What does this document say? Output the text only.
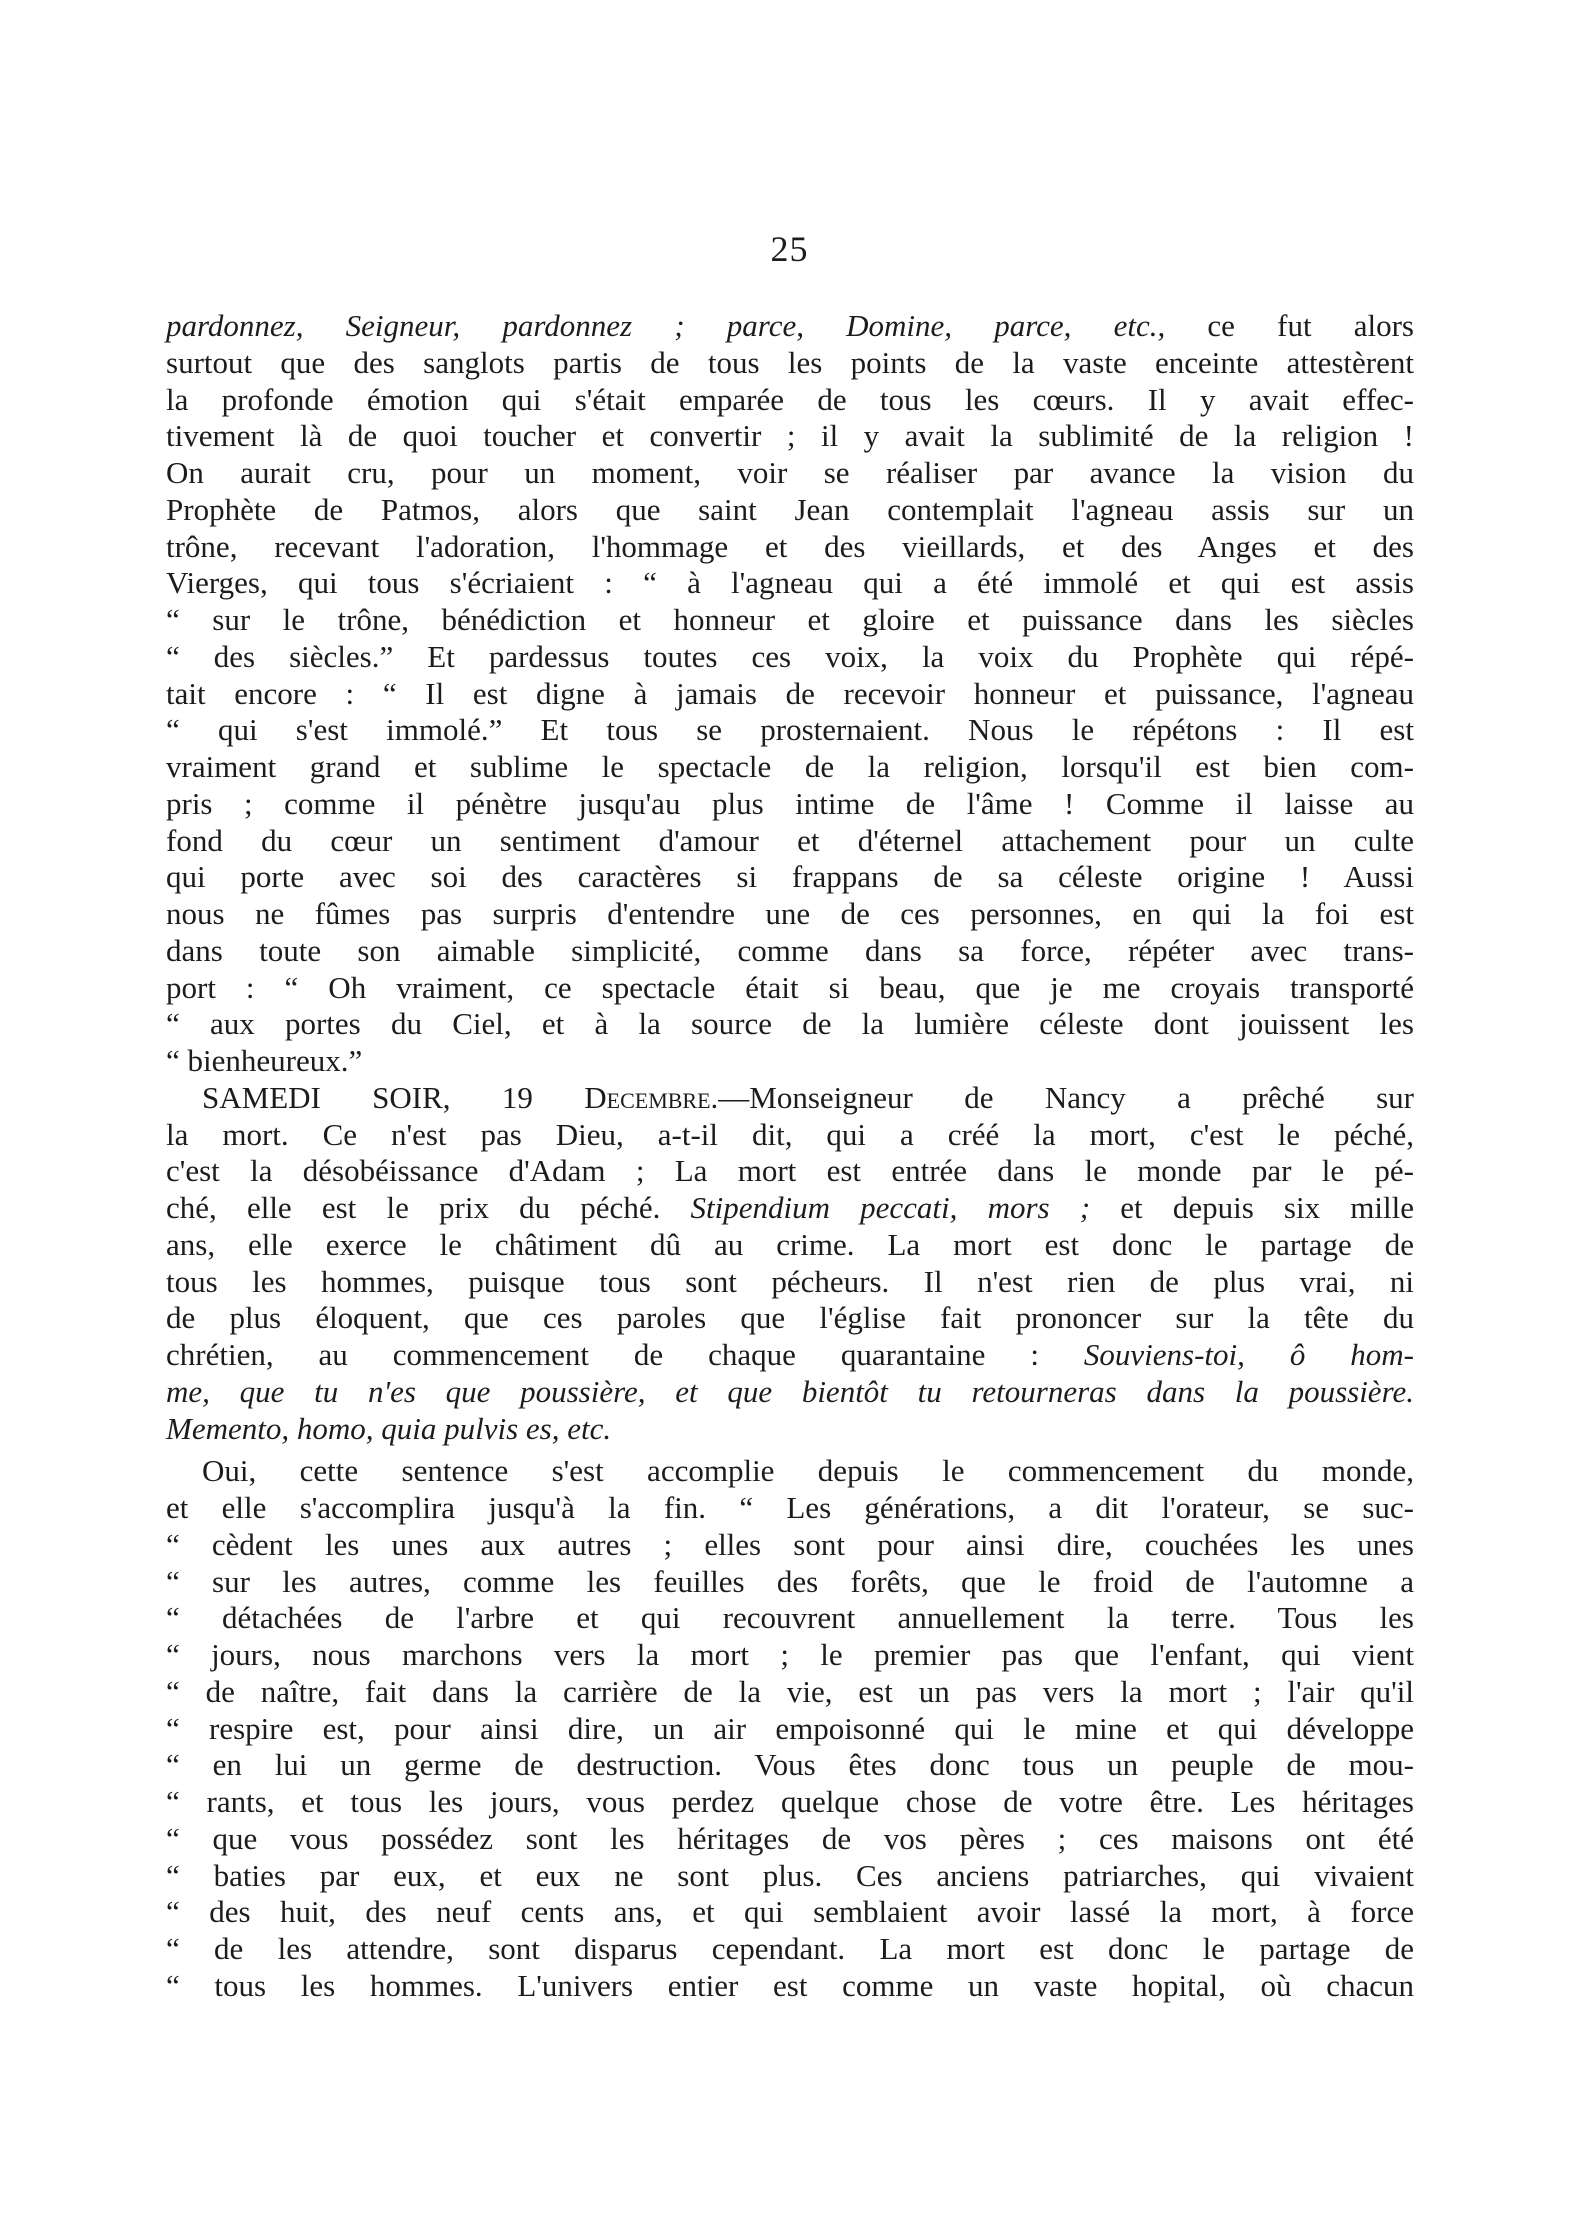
25
pardonnez, Seigneur, pardonnez ; parce, Domine, parce, etc., ce fut alors
surtout que des sanglots partis de tous les points de la vaste enceinte attestèrent
la profonde émotion qui s'était emparée de tous les cœurs. Il y avait effec-
tivement là de quoi toucher et convertir ; il y avait la sublimité de la religion !
On aurait cru, pour un moment, voir se réaliser par avance la vision du
Prophète de Patmos, alors que saint Jean contemplait l'agneau assis sur un
trône, recevant l'adoration, l'hommage et des vieillards, et des Anges et des
Vierges, qui tous s'écriaient : “ à l'agneau qui a été immolé et qui est assis
“ sur le trône, bénédiction et honneur et gloire et puissance dans les siècles
“ des siècles.” Et pardessus toutes ces voix, la voix du Prophète qui répé-
tait encore : “ Il est digne à jamais de recevoir honneur et puissance, l'agneau
“ qui s'est immolé.” Et tous se prosternaient. Nous le répétons : Il est
vraiment grand et sublime le spectacle de la religion, lorsqu'il est bien com-
pris ; comme il pénètre jusqu'au plus intime de l'âme ! Comme il laisse au
fond du cœur un sentiment d'amour et d'éternel attachement pour un culte
qui porte avec soi des caractères si frappans de sa céleste origine ! Aussi
nous ne fûmes pas surpris d'entendre une de ces personnes, en qui la foi est
dans toute son aimable simplicité, comme dans sa force, répéter avec trans-
port : “ Oh vraiment, ce spectacle était si beau, que je me croyais transporté
“ aux portes du Ciel, et à la source de la lumière céleste dont jouissent les
“ bienheureux.”
SAMEDI SOIR, 19 Decembre.—Monseigneur de Nancy a prêché sur
la mort. Ce n'est pas Dieu, a-t-il dit, qui a créé la mort, c'est le péché,
c'est la désobéissance d'Adam ; La mort est entrée dans le monde par le pé-
ché, elle est le prix du péché. Stipendium peccati, mors ; et depuis six mille
ans, elle exerce le châtiment dû au crime. La mort est donc le partage de
tous les hommes, puisque tous sont pécheurs. Il n'est rien de plus vrai, ni
de plus éloquent, que ces paroles que l'église fait prononcer sur la tête du
chrétien, au commencement de chaque quarantaine : Souviens-toi, ô hom-
me, que tu n'es que poussière, et que bientôt tu retourneras dans la poussière.
Memento, homo, quia pulvis es, etc.
Oui, cette sentence s'est accomplie depuis le commencement du monde,
et elle s'accomplira jusqu'à la fin. “ Les générations, a dit l'orateur, se suc-
“ cèdent les unes aux autres ; elles sont pour ainsi dire, couchées les unes
“ sur les autres, comme les feuilles des forêts, que le froid de l'automne a
“ détachées de l'arbre et qui recouvrent annuellement la terre. Tous les
“ jours, nous marchons vers la mort ; le premier pas que l'enfant, qui vient
“ de naître, fait dans la carrière de la vie, est un pas vers la mort ; l'air qu'il
“ respire est, pour ainsi dire, un air empoisonné qui le mine et qui développe
“ en lui un germe de destruction. Vous êtes donc tous un peuple de mou-
“ rants, et tous les jours, vous perdez quelque chose de votre être. Les héritages
“ que vous possédez sont les héritages de vos pères ; ces maisons ont été
“ baties par eux, et eux ne sont plus. Ces anciens patriarches, qui vivaient
“ des huit, des neuf cents ans, et qui semblaient avoir lassé la mort, à force
“ de les attendre, sont disparus cependant. La mort est donc le partage de
“ tous les hommes. L'univers entier est comme un vaste hopital, où chacun
